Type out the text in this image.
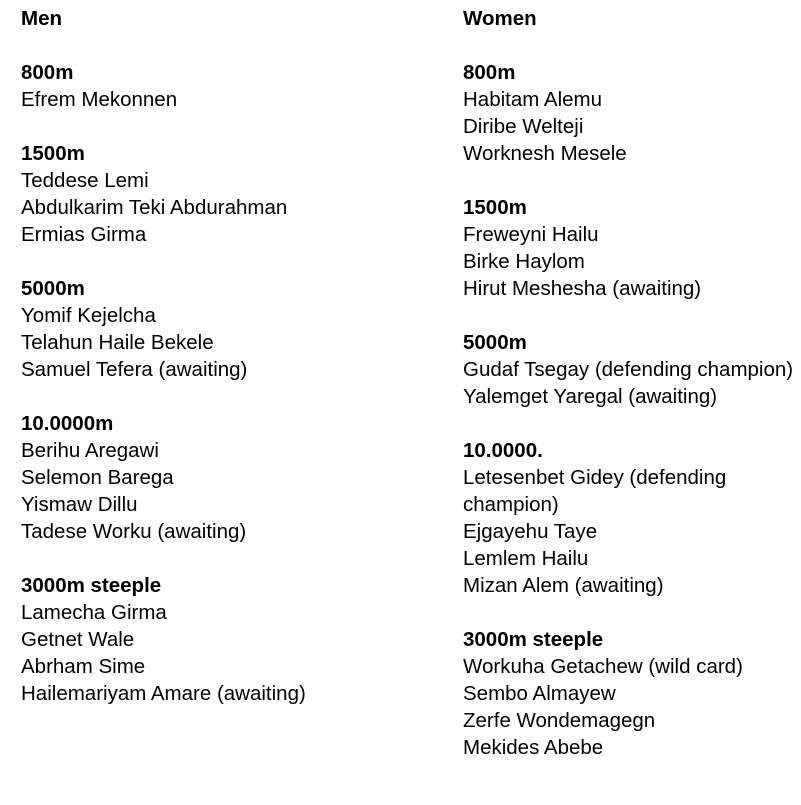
Men
800m
Efrem Mekonnen
1500m
Teddese Lemi
Abdulkarim Teki Abdurahman
Ermias Girma
5000m
Yomif Kejelcha
Telahun Haile Bekele
Samuel Tefera (awaiting)
10.0000m
Berihu Aregawi
Selemon Barega
Yismaw Dillu
Tadese Worku (awaiting)
3000m steeple
Lamecha Girma
Getnet Wale
Abrham Sime
Hailemariyam Amare (awaiting)
Women
800m
Habitam Alemu
Diribe Welteji
Worknesh Mesele
1500m
Freweyni Hailu
Birke Haylom
Hirut Meshesha (awaiting)
5000m
Gudaf Tsegay (defending champion)
Yalemget Yaregal (awaiting)
10.0000.
Letesenbet Gidey (defending champion)
Ejgayehu Taye
Lemlem Hailu
Mizan Alem (awaiting)
3000m steeple
Workuha Getachew (wild card)
Sembo Almayew
Zerfe Wondemagegn
Mekides Abebe
